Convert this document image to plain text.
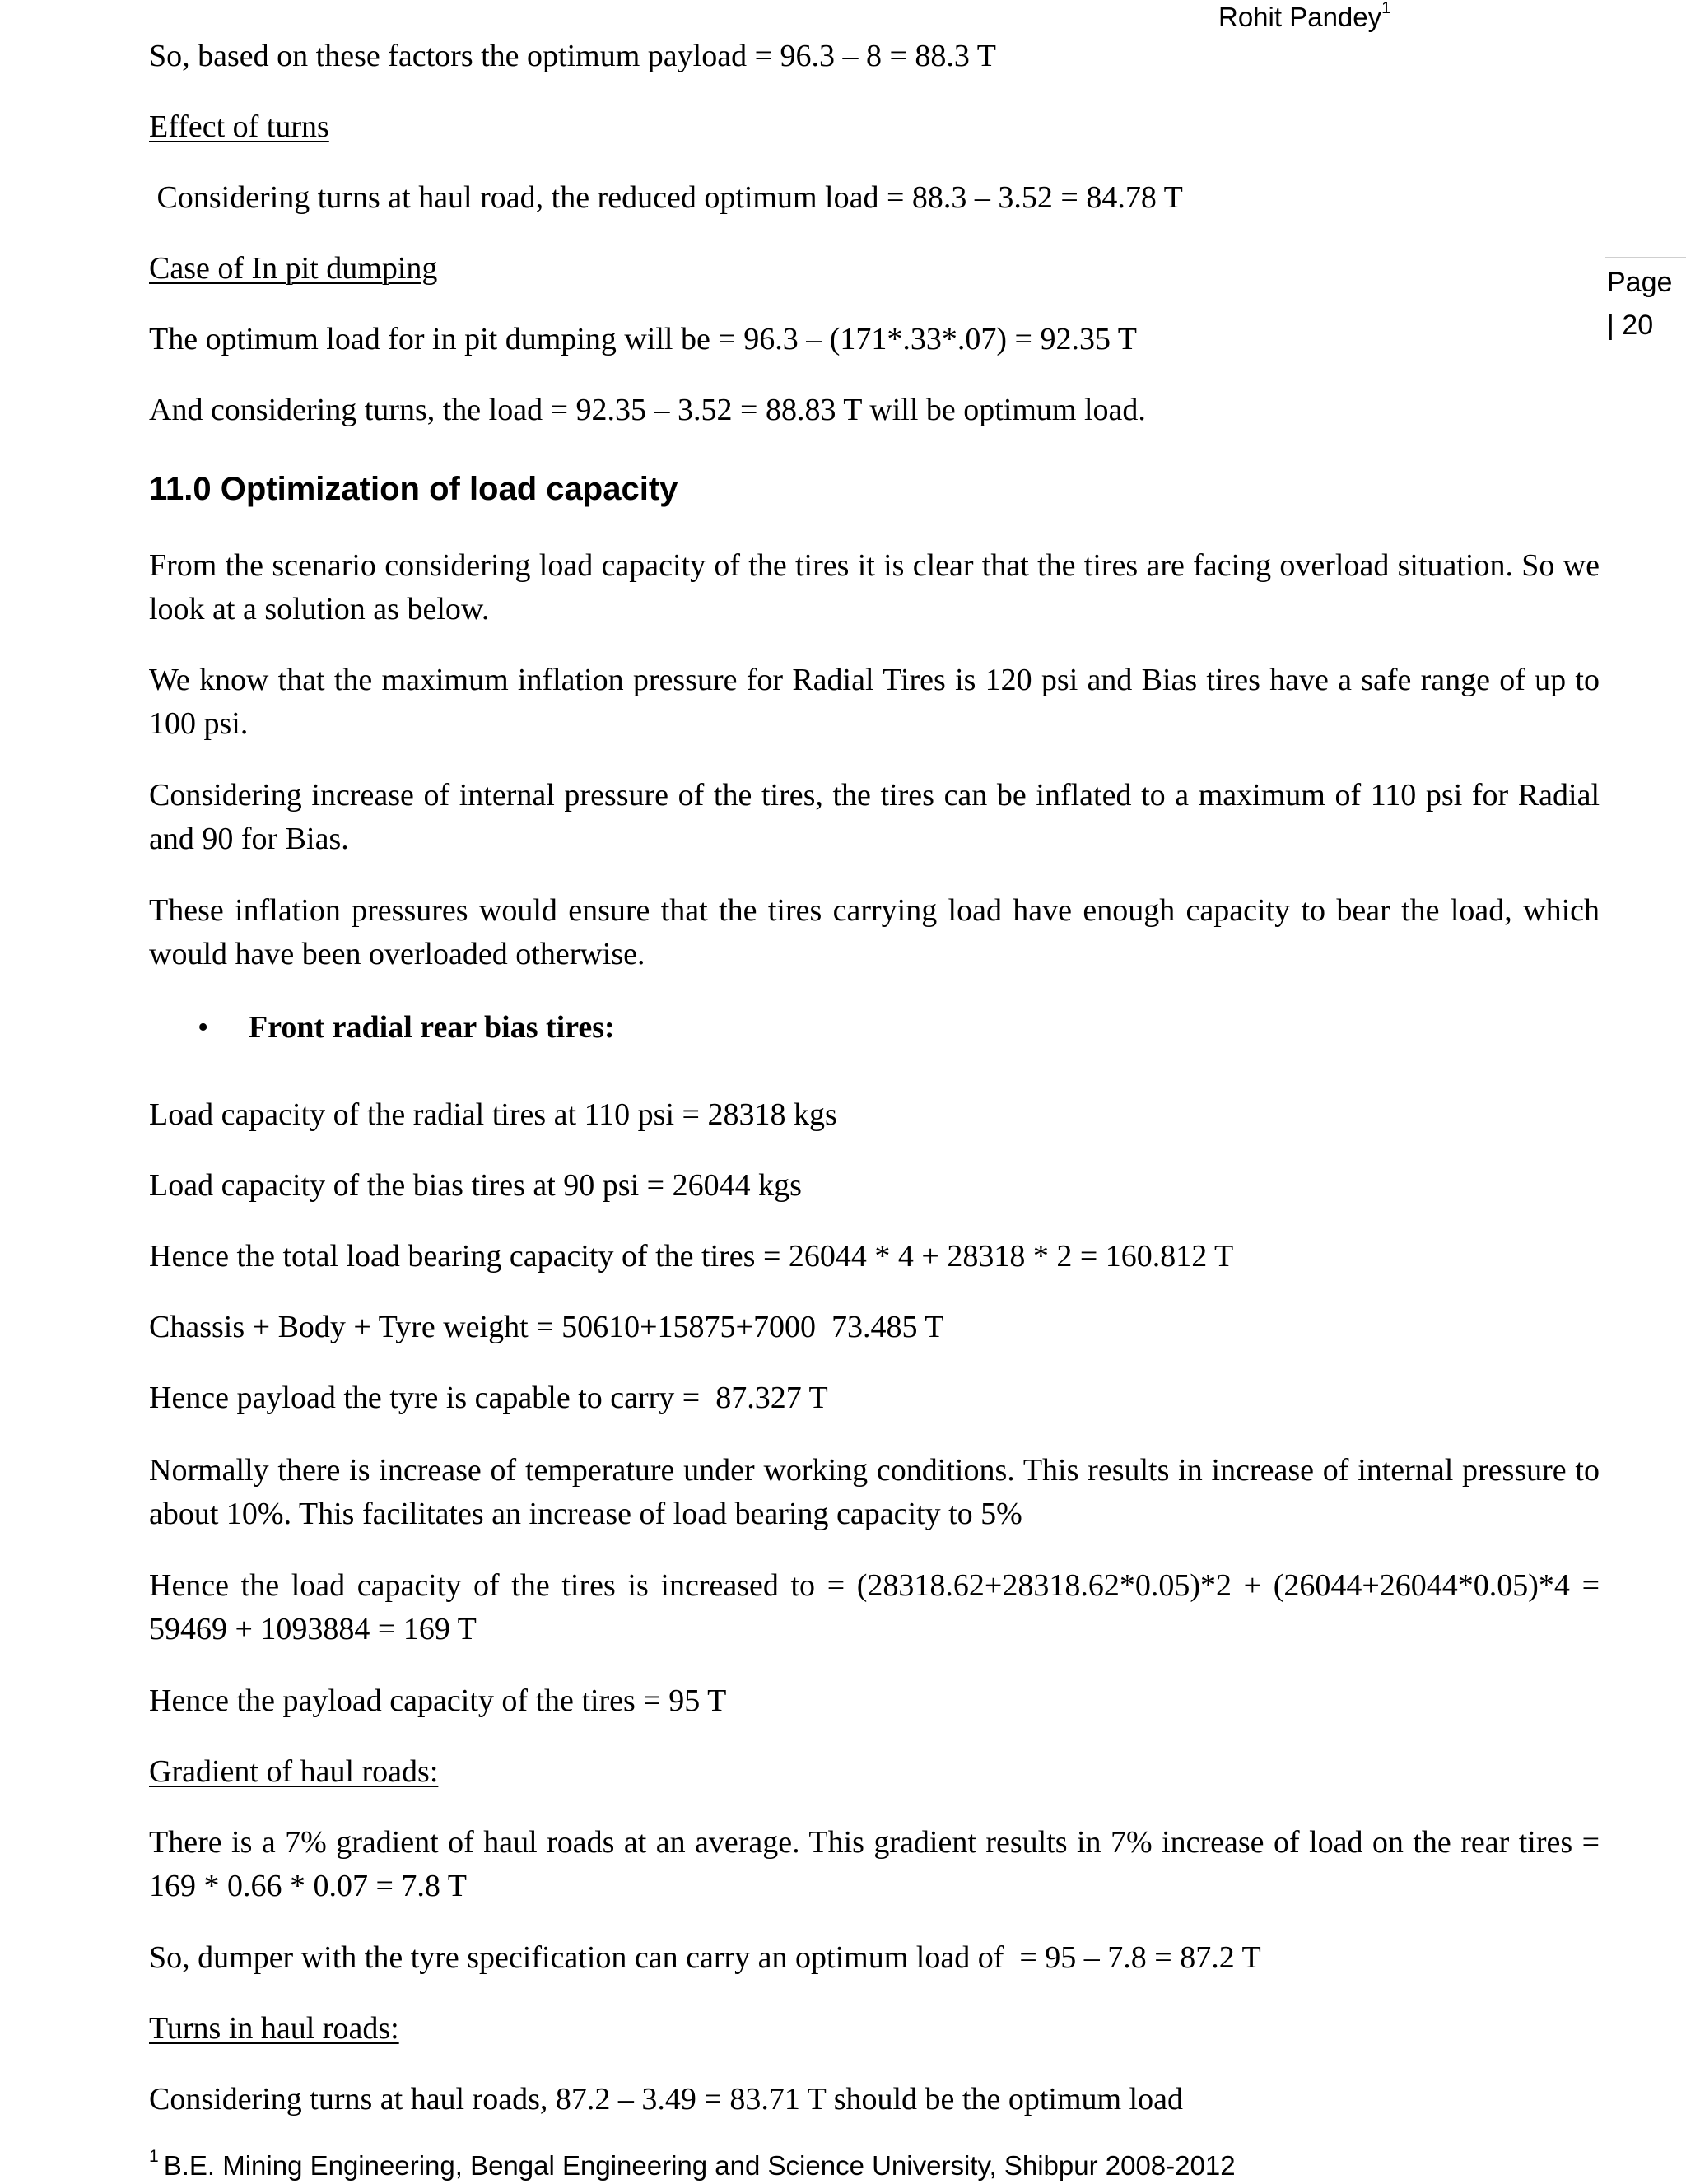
Rohit Pandey$^1$
Page
| 20
So, based on these factors the optimum payload = 96.3 – 8 = 88.3 T
Effect of turns
Considering turns at haul road, the reduced optimum load = 88.3 – 3.52 = 84.78 T
Case of In pit dumping
The optimum load for in pit dumping will be = 96.3 – (171*.33*.07) = 92.35 T
And considering turns, the load = 92.35 – 3.52 = 88.83 T will be optimum load.
11.0 Optimization of load capacity
From the scenario considering load capacity of the tires it is clear that the tires are facing overload situation. So we look at a solution as below.
We know that the maximum inflation pressure for Radial Tires is 120 psi and Bias tires have a safe range of up to 100 psi.
Considering increase of internal pressure of the tires, the tires can be inflated to a maximum of 110 psi for Radial and 90 for Bias.
These inflation pressures would ensure that the tires carrying load have enough capacity to bear the load, which would have been overloaded otherwise.
• Front radial rear bias tires:
Load capacity of the radial tires at 110 psi = 28318 kgs
Load capacity of the bias tires at 90 psi = 26044 kgs
Hence the total load bearing capacity of the tires = 26044 * 4 + 28318 * 2 = 160.812 T
Chassis + Body + Tyre weight = 50610+15875+7000  73.485 T
Hence payload the tyre is capable to carry =  87.327 T
Normally there is increase of temperature under working conditions. This results in increase of internal pressure to about 10%. This facilitates an increase of load bearing capacity to 5%
Hence the load capacity of the tires is increased to = (28318.62+28318.62*0.05)*2 + (26044+26044*0.05)*4 = 59469 + 1093884 = 169 T
Hence the payload capacity of the tires = 95 T
Gradient of haul roads:
There is a 7% gradient of haul roads at an average. This gradient results in 7% increase of load on the rear tires = 169 * 0.66 * 0.07 = 7.8 T
So, dumper with the tyre specification can carry an optimum load of  = 95 – 7.8 = 87.2 T
Turns in haul roads:
Considering turns at haul roads, 87.2 – 3.49 = 83.71 T should be the optimum load
$^1$ B.E. Mining Engineering, Bengal Engineering and Science University, Shibpur 2008-2012
